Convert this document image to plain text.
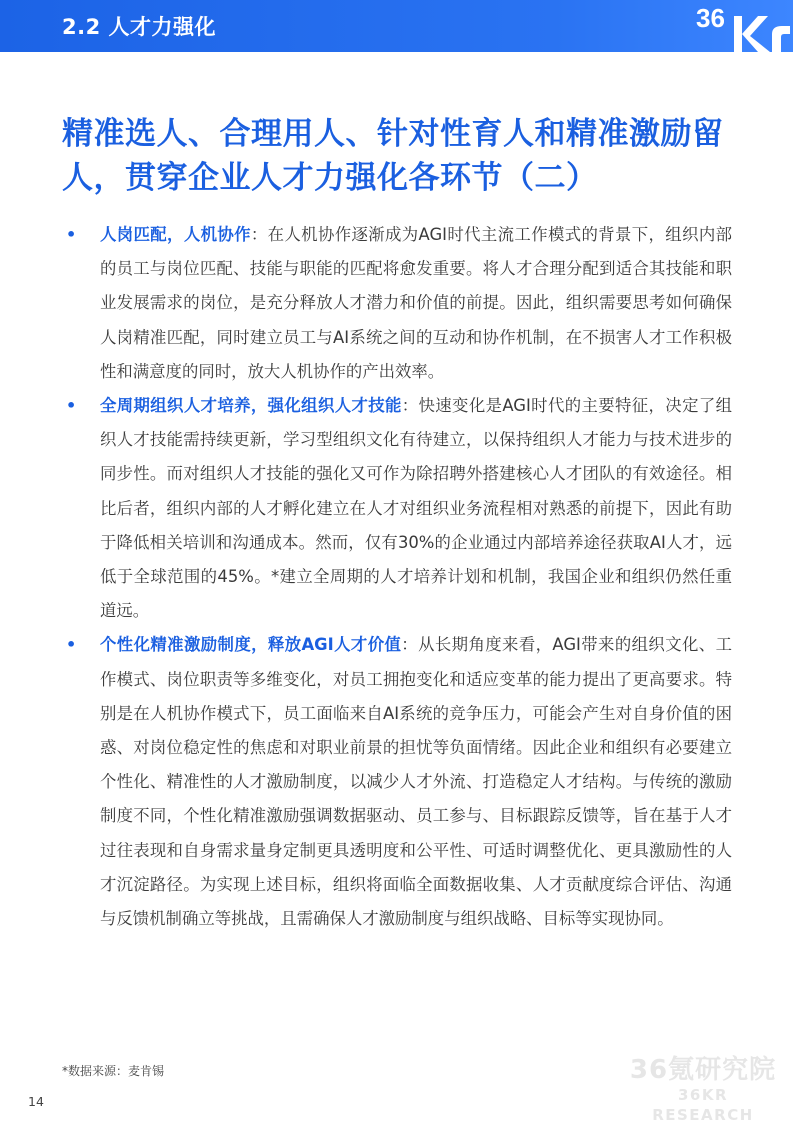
2.2 人才力强化	36
精准选人、合理用人、针对性育人和精准激励留人，贯穿企业人才力强化各环节（二）
• 人岗匹配，人机协作：在人机协作逐渐成为AGI时代主流工作模式的背景下，组织内部的员工与岗位匹配、技能与职能的匹配将愈发重要。将人才合理分配到适合其技能和职业发展需求的岗位，是充分释放人才潜力和价值的前提。因此，组织需要思考如何确保人岗精准匹配，同时建立员工与AI系统之间的互动和协作机制，在不损害人才工作积极性和满意度的同时，放大人机协作的产出效率。
• 全周期组织人才培养，强化组织人才技能：快速变化是AGI时代的主要特征，决定了组织人才技能需持续更新，学习型组织文化有待建立，以保持组织人才能力与技术进步的同步性。而对组织人才技能的强化又可作为除招聘外搭建核心人才团队的有效途径。相比后者，组织内部的人才孵化建立在人才对组织业务流程相对熟悉的前提下，因此有助于降低相关培训和沟通成本。然而，仅有30%的企业通过内部培养途径获取AI人才，远低于全球范围的45%。*建立全周期的人才培养计划和机制，我国企业和组织仍然任重道远。
• 个性化精准激励制度，释放AGI人才价值：从长期角度来看，AGI带来的组织文化、工作模式、岗位职责等多维变化，对员工拥抱变化和适应变革的能力提出了更高要求。特别是在人机协作模式下，员工面临来自AI系统的竞争压力，可能会产生对自身价值的困惑、对岗位稳定性的焦虑和对职业前景的担忧等负面情绪。因此企业和组织有必要建立个性化、精准性的人才激励制度，以减少人才外流、打造稳定人才结构。与传统的激励制度不同，个性化精准激励强调数据驱动、员工参与、目标跟踪反馈等，旨在基于人才过往表现和自身需求量身定制更具透明度和公平性、可适时调整优化、更具激励性的人才沉淀路径。为实现上述目标，组织将面临全面数据收集、人才贡献度综合评估、沟通与反馈机制确立等挑战，且需确保人才激励制度与组织战略、目标等实现协同。
*数据来源：麦肯锡
14
36氪研究院
36KR RESEARCH
